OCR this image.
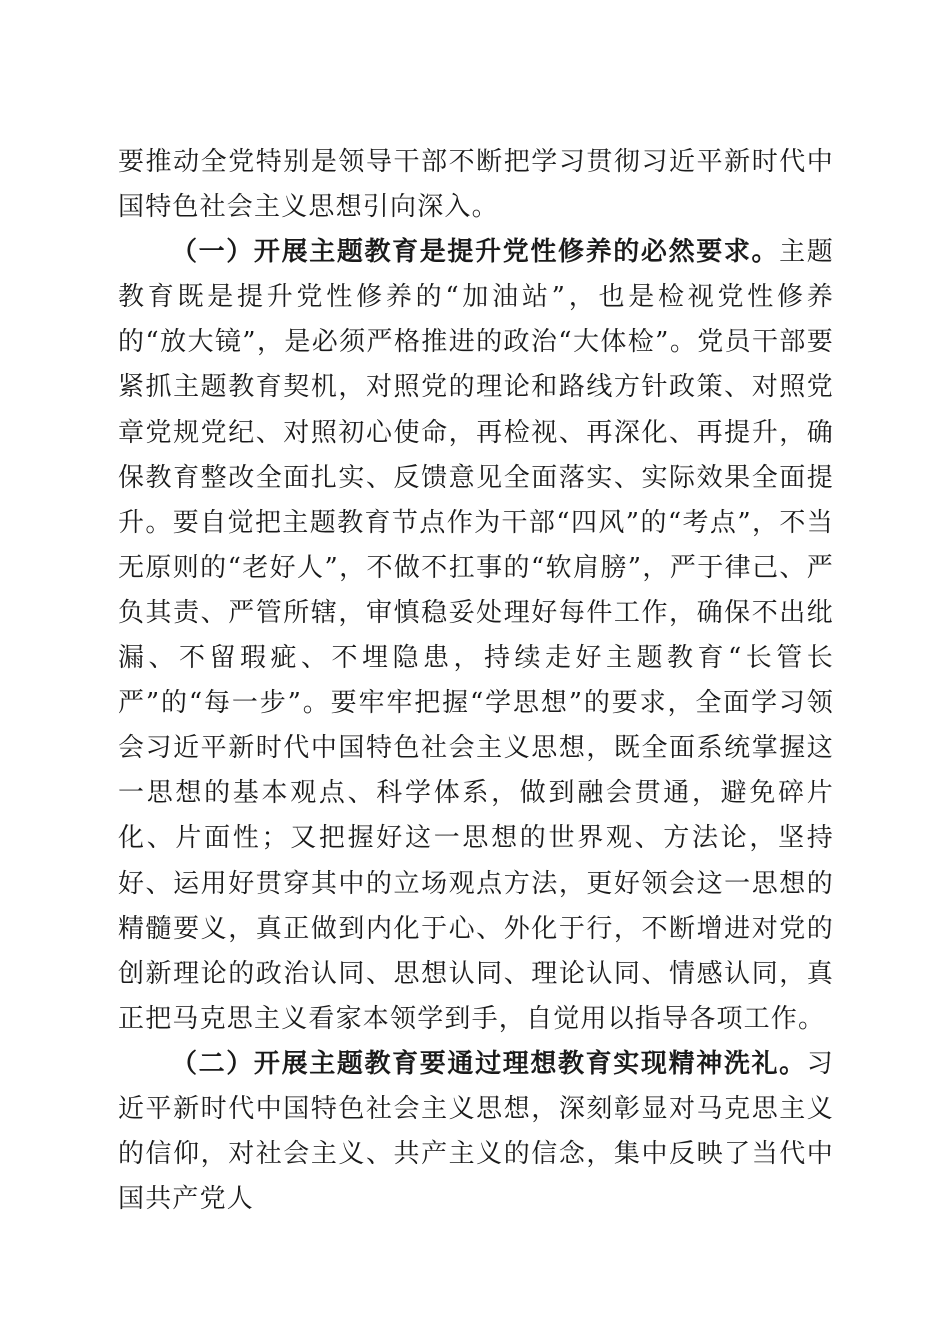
要推动全党特别是领导干部不断把学习贯彻习近平新时代中国特色社会主义思想引向深入。

（一）开展主题教育是提升党性修养的必然要求。主题教育既是提升党性修养的“加油站”，也是检视党性修养的“放大镜”，是必须严格推进的政治“大体检”。党员干部要紧抓主题教育契机，对照党的理论和路线方针政策、对照党章党规党纪、对照初心使命，再检视、再深化、再提升，确保教育整改全面扎实、反馈意见全面落实、实际效果全面提升。要自觉把主题教育节点作为干部“四风”的“考点”，不当无原则的“老好人”，不做不扛事的“软肩膀”，严于律己、严负其责、严管所辖，审慎稳妥处理好每件工作，确保不出纰漏、不留瑕疵、不埋隐患，持续走好主题教育“长管长严”的“每一步”。要牢牢把握“学思想”的要求，全面学习领会习近平新时代中国特色社会主义思想，既全面系统掌握这一思想的基本观点、科学体系，做到融会贯通，避免碎片化、片面性；又把握好这一思想的世界观、方法论，坚持好、运用好贯穿其中的立场观点方法，更好领会这一思想的精髓要义，真正做到内化于心、外化于行，不断增进对党的创新理论的政治认同、思想认同、理论认同、情感认同，真正把马克思主义看家本领学到手，自觉用以指导各项工作。

（二）开展主题教育要通过理想教育实现精神洗礼。习近平新时代中国特色社会主义思想，深刻彰显对马克思主义的信仰，对社会主义、共产主义的信念，集中反映了当代中国共产党人
